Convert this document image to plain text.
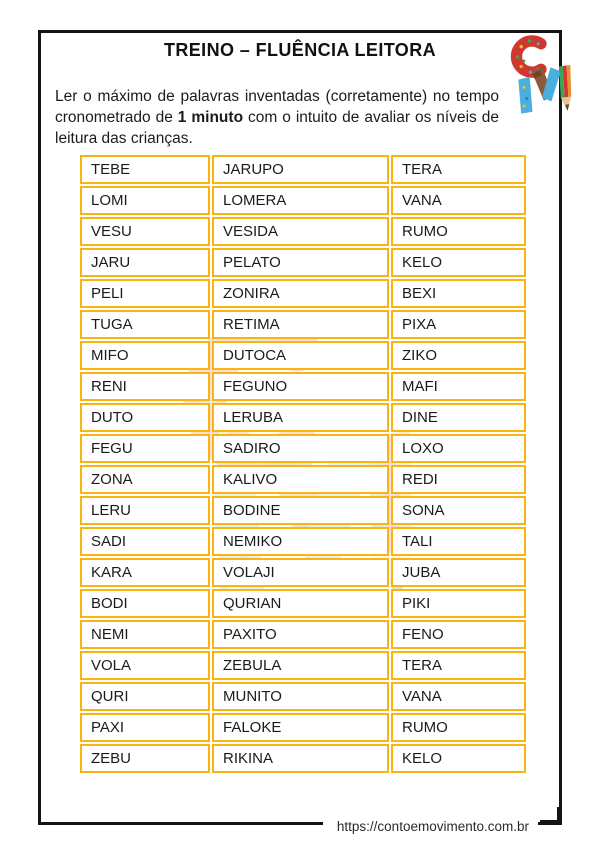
TREINO – FLUÊNCIA LEITORA

Ler o máximo de palavras inventadas (corretamente) no tempo cronometrado de 1 minuto com o intuito de avaliar os níveis de leitura das crianças.

TEBE	JARUPO	TERA
LOMI	LOMERA	VANA
VESU	VESIDA	RUMO
JARU	PELATO	KELO
PELI	ZONIRA	BEXI
TUGA	RETIMA	PIXA
MIFO	DUTOCA	ZIKO
RENI	FEGUNO	MAFI
DUTO	LERUBA	DINE
FEGU	SADIRO	LOXO
ZONA	KALIVO	REDI
LERU	BODINE	SONA
SADI	NEMIKO	TALI
KARA	VOLAJI	JUBA
BODI	QURIAN	PIKI
NEMI	PAXITO	FENO
VOLA	ZEBULA	TERA
QURI	MUNITO	VANA
PAXI	FALOKE	RUMO
ZEBU	RIKINA	KELO
https://contoemovimento.com.br
